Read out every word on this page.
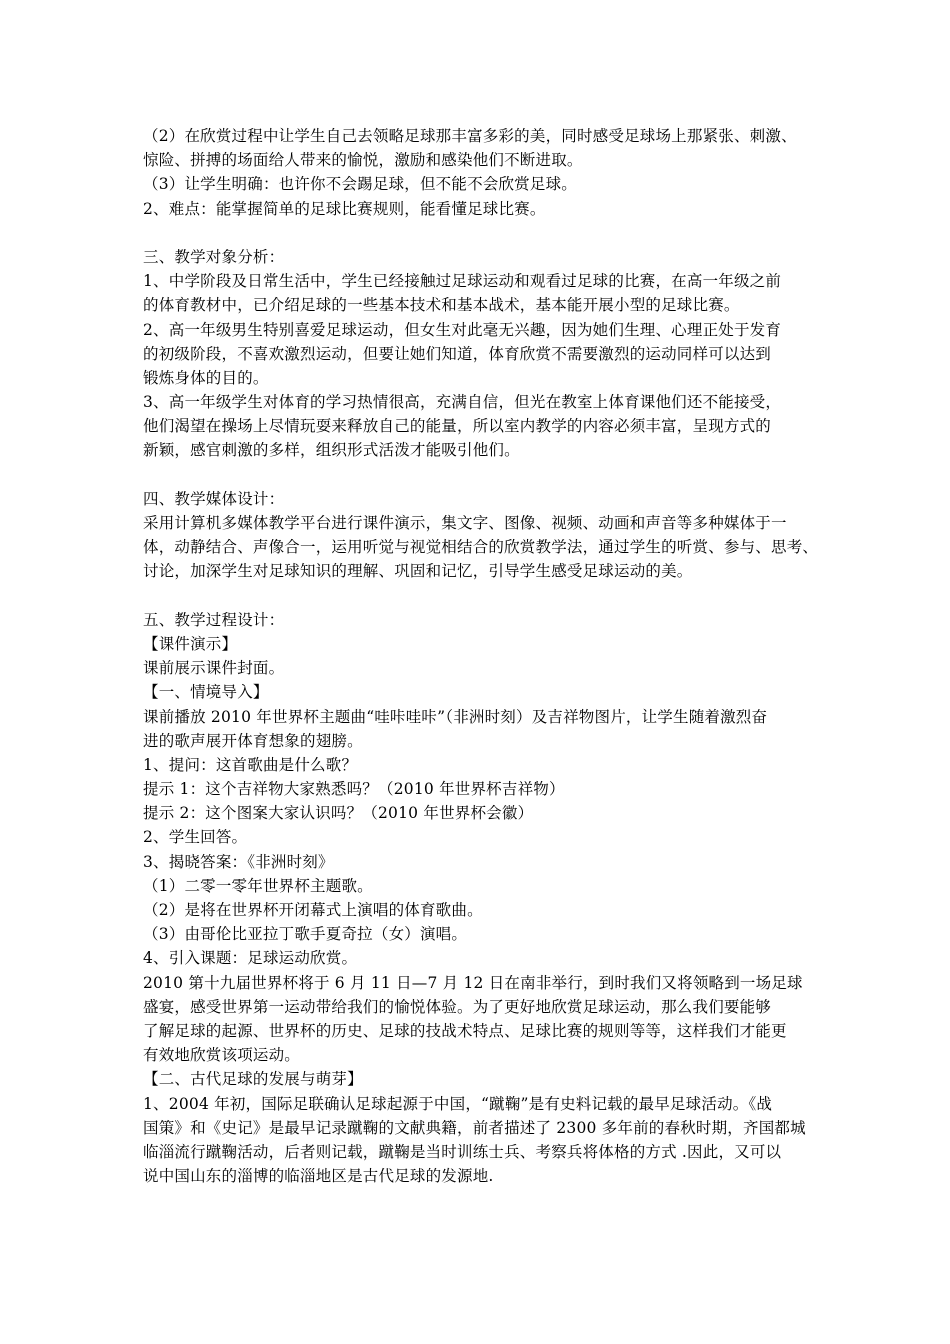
（2）在欣赏过程中让学生自己去领略足球那丰富多彩的美，同时感受足球场上那紧张、刺激、
惊险、拼搏的场面给人带来的愉悦，激励和感染他们不断进取。
（3）让学生明确：也许你不会踢足球，但不能不会欣赏足球。
2、难点：能掌握简单的足球比赛规则，能看懂足球比赛。
三、教学对象分析：
1、中学阶段及日常生活中，学生已经接触过足球运动和观看过足球的比赛，在高一年级之前
的体育教材中，已介绍足球的一些基本技术和基本战术，基本能开展小型的足球比赛。
2、高一年级男生特别喜爱足球运动，但女生对此毫无兴趣，因为她们生理、心理正处于发育
的初级阶段，不喜欢激烈运动，但要让她们知道，体育欣赏不需要激烈的运动同样可以达到
锻炼身体的目的。
3、高一年级学生对体育的学习热情很高，充满自信，但光在教室上体育课他们还不能接受，
他们渴望在操场上尽情玩耍来释放自己的能量，所以室内教学的内容必须丰富，呈现方式的
新颖，感官刺激的多样，组织形式活泼才能吸引他们。
四、教学媒体设计：
采用计算机多媒体教学平台进行课件演示，集文字、图像、视频、动画和声音等多种媒体于一
体，动静结合、声像合一，运用听觉与视觉相结合的欣赏教学法，通过学生的听赏、参与、思考、
讨论，加深学生对足球知识的理解、巩固和记忆，引导学生感受足球运动的美。
五、教学过程设计：
【课件演示】
课前展示课件封面。
【一、情境导入】
课前播放 2010 年世界杯主题曲“哇咔哇咔”（非洲时刻）及吉祥物图片，让学生随着激烈奋
进的歌声展开体育想象的翅膀。
1、提问：这首歌曲是什么歌？
提示 1：这个吉祥物大家熟悉吗？（2010 年世界杯吉祥物）
提示 2：这个图案大家认识吗？（2010 年世界杯会徽）
2、学生回答。
3、揭晓答案：《非洲时刻》
（1）二零一零年世界杯主题歌。
（2）是将在世界杯开闭幕式上演唱的体育歌曲。
（3）由哥伦比亚拉丁歌手夏奇拉（女）演唱。
4、引入课题：足球运动欣赏。
2010 第十九届世界杯将于 6 月 11 日—7 月 12 日在南非举行，到时我们又将领略到一场足球
盛宴，感受世界第一运动带给我们的愉悦体验。为了更好地欣赏足球运动，那么我们要能够
了解足球的起源、世界杯的历史、足球的技战术特点、足球比赛的规则等等，这样我们才能更
有效地欣赏该项运动。
【二、古代足球的发展与萌芽】
1、2004 年初，国际足联确认足球起源于中国，“蹴鞠”是有史料记载的最早足球活动。《战
国策》和《史记》是最早记录蹴鞠的文献典籍，前者描述了 2300 多年前的春秋时期，齐国都城
临淄流行蹴鞠活动，后者则记载，蹴鞠是当时训练士兵、考察兵将体格的方式 .因此，又可以
说中国山东的淄博的临淄地区是古代足球的发源地.
